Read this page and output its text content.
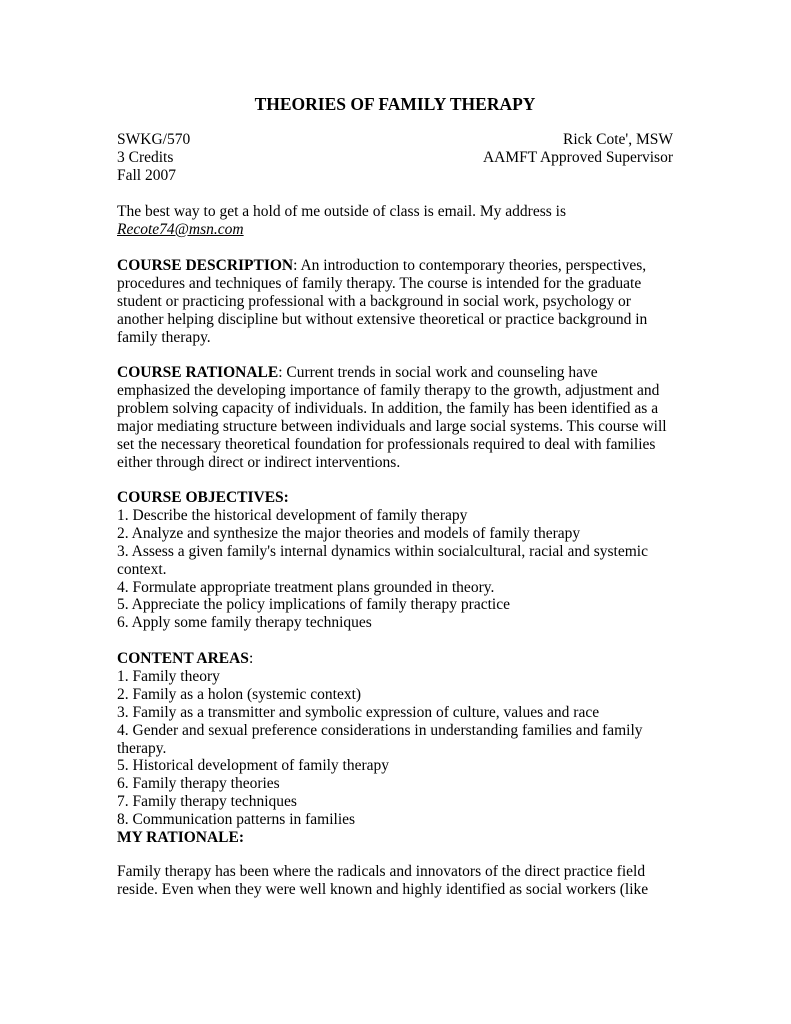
THEORIES OF FAMILY THERAPY
SWKG/570	Rick Cote', MSW
3 Credits	AAMFT Approved Supervisor
Fall 2007

The best way to get a hold of me outside of class is email. My address is

Recote74@msn.com

COURSE DESCRIPTION: An introduction to contemporary theories, perspectives, procedures and techniques of family therapy. The course is intended for the graduate student or practicing professional with a background in social work, psychology or another helping discipline but without extensive theoretical or practice background in family therapy.

COURSE RATIONALE: Current trends in social work and counseling have emphasized the developing importance of family therapy to the growth, adjustment and problem solving capacity of individuals. In addition, the family has been identified as a major mediating structure between individuals and large social systems. This course will set the necessary theoretical foundation for professionals required to deal with families either through direct or indirect interventions.

COURSE OBJECTIVES:

1. Describe the historical development of family therapy

2. Analyze and synthesize the major theories and models of family therapy

3. Assess a given family's internal dynamics within socialcultural, racial and systemic context.

4. Formulate appropriate treatment plans grounded in theory.

5. Appreciate the policy implications of family therapy practice

6. Apply some family therapy techniques

CONTENT AREAS:

1. Family theory

2. Family as a holon (systemic context)

3. Family as a transmitter and symbolic expression of culture, values and race

4. Gender and sexual preference considerations in understanding families and family therapy.

5. Historical development of family therapy

6. Family therapy theories

7. Family therapy techniques

8. Communication patterns in families

MY RATIONALE:

Family therapy has been where the radicals and innovators of the direct practice field reside. Even when they were well known and highly identified as social workers (like
